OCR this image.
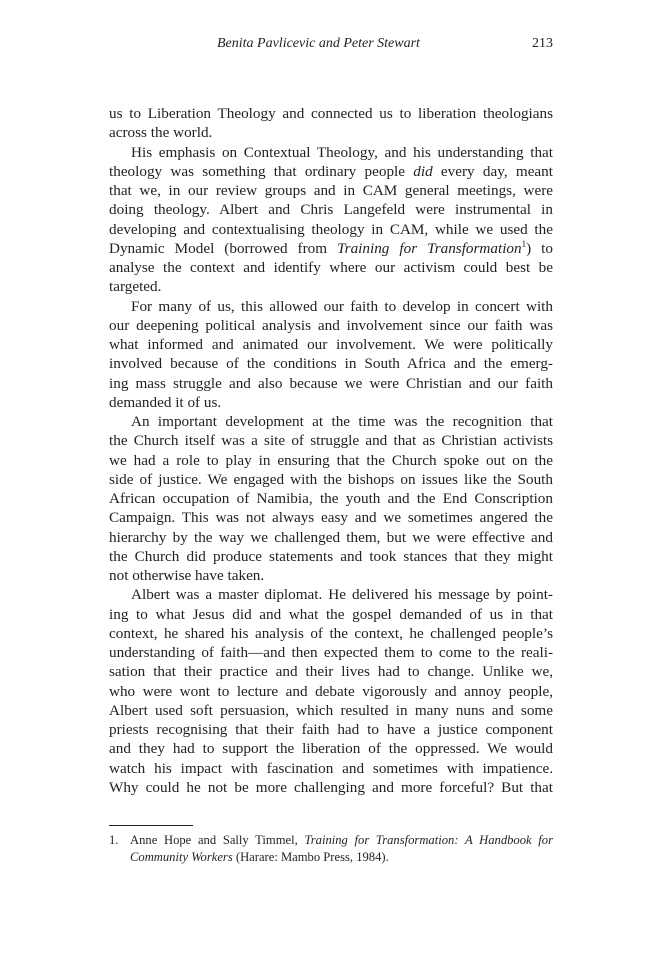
Benita Pavlicevic and Peter Stewart	213

us to Liberation Theology and connected us to liberation theologians
across the world.

His emphasis on Contextual Theology, and his understanding that
theology was something that ordinary people did every day, meant
that we, in our review groups and in CAM general meetings, were
doing theology. Albert and Chris Langefeld were instrumental in
developing and contextualising theology in CAM, while we used the
Dynamic Model (borrowed from Training for Transformation$^1$) to
analyse the context and identify where our activism could best be
targeted.

For many of us, this allowed our faith to develop in concert with
our deepening political analysis and involvement since our faith was
what informed and animated our involvement. We were politically
involved because of the conditions in South Africa and the emerg-
ing mass struggle and also because we were Christian and our faith
demanded it of us.

An important development at the time was the recognition that
the Church itself was a site of struggle and that as Christian activists
we had a role to play in ensuring that the Church spoke out on the
side of justice. We engaged with the bishops on issues like the South
African occupation of Namibia, the youth and the End Conscription
Campaign. This was not always easy and we sometimes angered the
hierarchy by the way we challenged them, but we were effective and
the Church did produce statements and took stances that they might
not otherwise have taken.

Albert was a master diplomat. He delivered his message by point-
ing to what Jesus did and what the gospel demanded of us in that
context, he shared his analysis of the context, he challenged people’s
understanding of faith—and then expected them to come to the reali-
sation that their practice and their lives had to change. Unlike we,
who were wont to lecture and debate vigorously and annoy people,
Albert used soft persuasion, which resulted in many nuns and some
priests recognising that their faith had to have a justice component
and they had to support the liberation of the oppressed. We would
watch his impact with fascination and sometimes with impatience.
Why could he not be more challenging and more forceful? But that

1. Anne Hope and Sally Timmel, Training for Transformation: A Handbook for
Community Workers (Harare: Mambo Press, 1984).
